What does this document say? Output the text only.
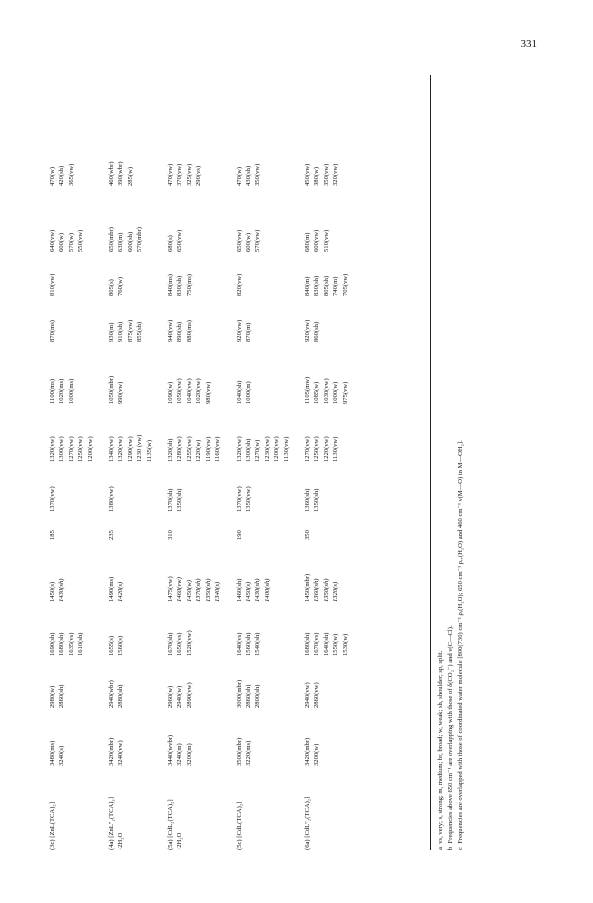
331
(3c) [ZnL(TCA)₂]
3480(ms) 3240(s)
2980(w) 2860(sh)
1690(sh) 1680(sh) 1635(vs) 1610(sh)
1450(s) 1430(sh)
185
1370(vw)
1320(vw) 1300(vw) 1270(vw) 1250(vw) 1200(vw)
1100(ms) 1020(ms) 1000(ms)
870(ms)
810(vw)
640(vw) 600(w) 570(w) 550(vw)
470(w) 420(sh) 365(vw)
(4a) [ZnL″₂(TCA)₂] ·2H₂O
3420(mbr) 3240(vw)
2940(wbr) 2880(sh)
1655(s) 1560(s)
1490(ms) 1420(s)
235
1380(vw)
1340(vw) 1320(vw) 1290(vw) 1230 (vw) 1135(w)
1050(mbr) 990(vw)
930(m) 910(sh) 875(vw) 855(sh)
805(s) 760(w)
650(mbr) 630(m) 600(sh) 570(mbr)
460(wbr) 390(wbr) 285(w)
(5a) [CdL₂(TCA)₂] ·2H₂O
3440(wvbr) 3240(m) 3200(m)
2960(w) 2940(w) 2890(vw)
1670(sh) 1650(vs) 1520(vw)
1475(vw) 1460(vw) 1450(w) 1370(sh) 1350(sh) 1340(s)
310
1370(sh) 1350(sh)
1320(sh) 1280(vw) 1255(vw) 1220(w) 1190(vw) 1160(vw)
1090(w) 1050(vw) 1040(vw) 1020(vw) 980(vw)
940(vw) 890(sh) 880(ms)
840(ms) 830(sh) 750(ms)
680(s) 650(vw)
470(vw) 370(vw) 325(vw) 290(vs)
(5c) [CdL(TCA)₂]
3500(mbr) 3220(ms)
3000(mbr) 2860(sh) 2800(sh)
1640(vs) 1560(sh) 1540(sh)
1460(sh) 1450(s) 1430(sh) 1400(sh)
190
1370(vw) 1350(vw)
1320(vw) 1300(sh) 1270(w) 1230(vw) 1200(vw) 1130(vw)
1040(sh) 1000(m)
920(vw) 870(m)
820(vw)
650(vw) 600(w) 570(vw)
470(w) 430(sh) 350(vw)
(6a) [CdL″₂(TCA)₂]
3420(mbr) 3200(w)
2940(vw) 2860(vw)
1680(sh) 1670(vs) 1640(sh) 1550(w) 1530(w)
1450(mbr) 1360(sh) 1350(sh) 1320(s)
350
1360(sh) 1350(sh)
1270(vw) 1250(vw) 1220(vw) 1130(vw)
1105(mw) 1085(w) 1030(vw) 1000(w) 975(vw)
920(vw) 860(sh)
840(m) 830(sh) 805(sh) 740(m) 705(vw)
680(m) 600(vw) 510(vw)
450(vw) 380(w) 350(vw) 320(vw)
a  vs, very; s, strong; m, medium; br, broad; w, weak; sh, shoulder; sp, split. b  Frequencies above 650 cm⁻¹ are overlapping with those of δ(CO₂⁻) and ν(C—Cl). c  Frequencies are overlapped with those of coordinated water molecule [800(730) cm⁻¹ ρᵣ(H₂O); 650 cm⁻¹ ρᵥᵥ(H₂O) and 460 cm⁻¹ ν(M—O) in M—OH₂].
